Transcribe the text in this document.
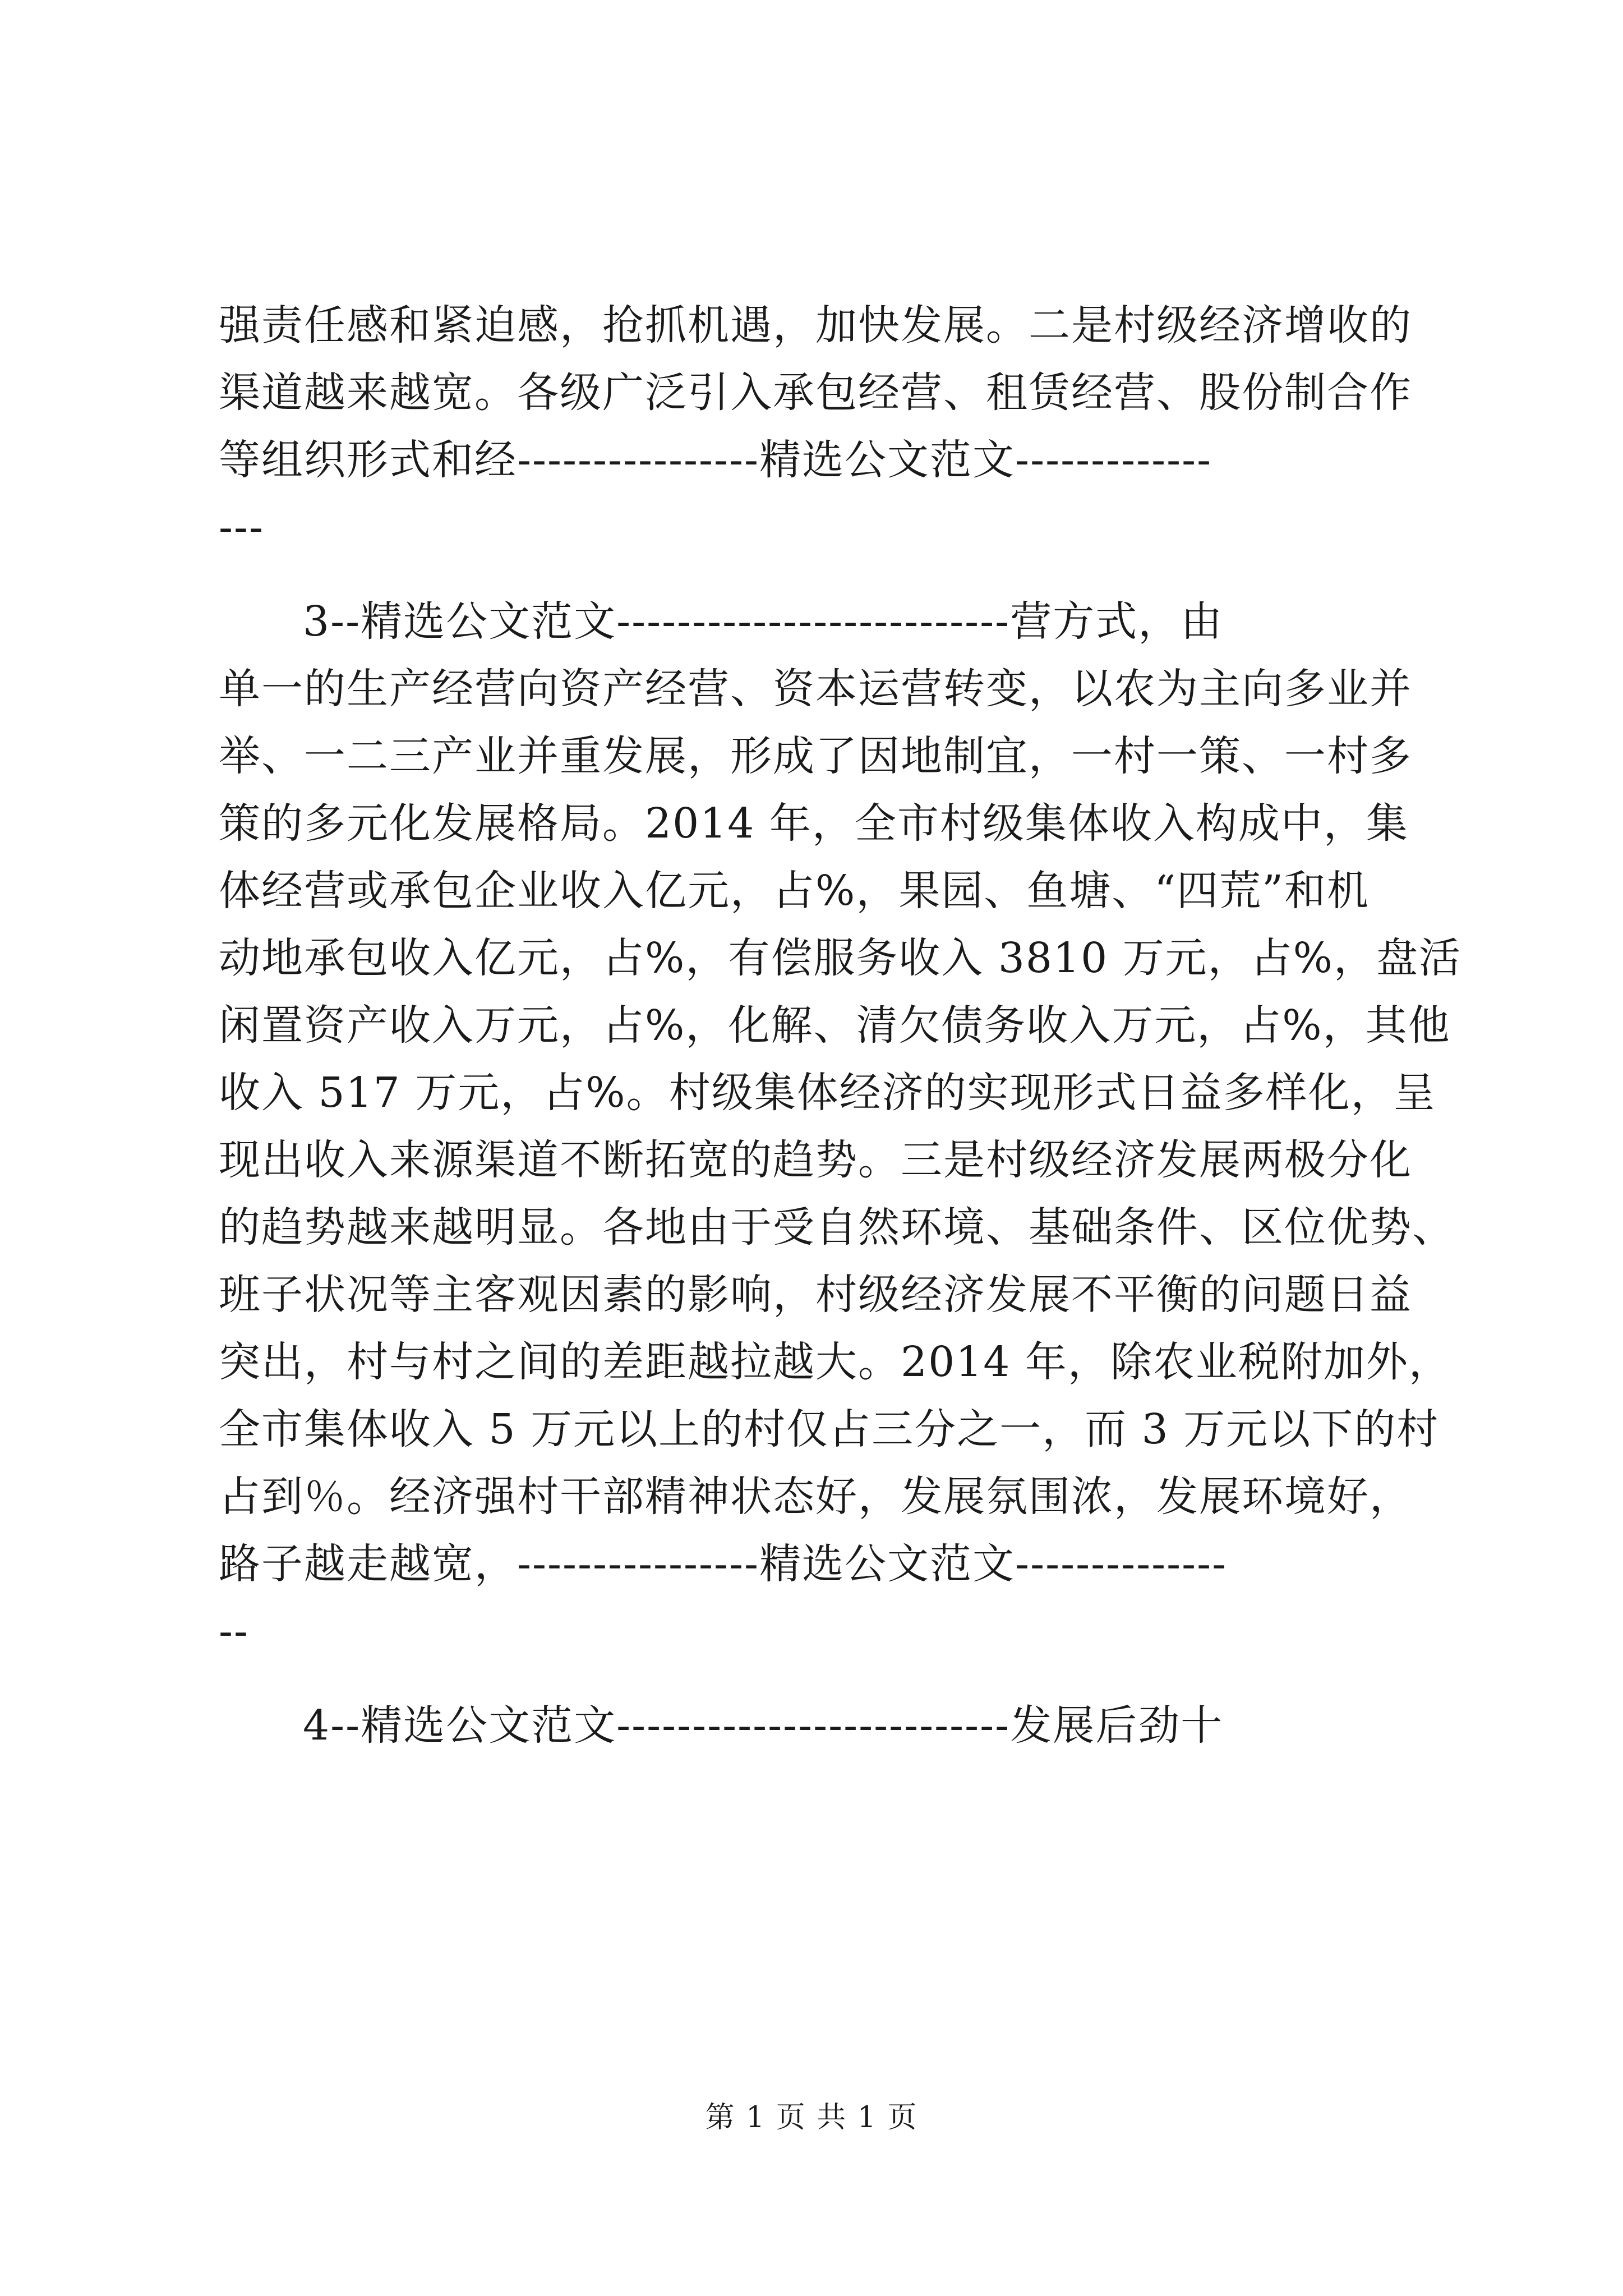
强责任感和紧迫感，抢抓机遇，加快发展。二是村级经济增收的
渠道越来越宽。各级广泛引入承包经营、租赁经营、股份制合作
等组织形式和经----------------精选公文范文-------------
---
3--精选公文范文--------------------------营方式，由
单一的生产经营向资产经营、资本运营转变，以农为主向多业并
举、一二三产业并重发展，形成了因地制宜，一村一策、一村多
策的多元化发展格局。2014 年，全市村级集体收入构成中，集
体经营或承包企业收入亿元，占%，果园、鱼塘、“四荒”和机
动地承包收入亿元，占%，有偿服务收入 3810 万元，占%，盘活
闲置资产收入万元，占%，化解、清欠债务收入万元，占%，其他
收入 517 万元，占%。村级集体经济的实现形式日益多样化，呈
现出收入来源渠道不断拓宽的趋势。三是村级经济发展两极分化
的趋势越来越明显。各地由于受自然环境、基础条件、区位优势、
班子状况等主客观因素的影响，村级经济发展不平衡的问题日益
突出，村与村之间的差距越拉越大。2014 年，除农业税附加外，
全市集体收入 5 万元以上的村仅占三分之一，而 3 万元以下的村
占到％。经济强村干部精神状态好，发展氛围浓，发展环境好，
路子越走越宽，----------------精选公文范文--------------
--
4--精选公文范文--------------------------发展后劲十
第 1 页 共 1 页
